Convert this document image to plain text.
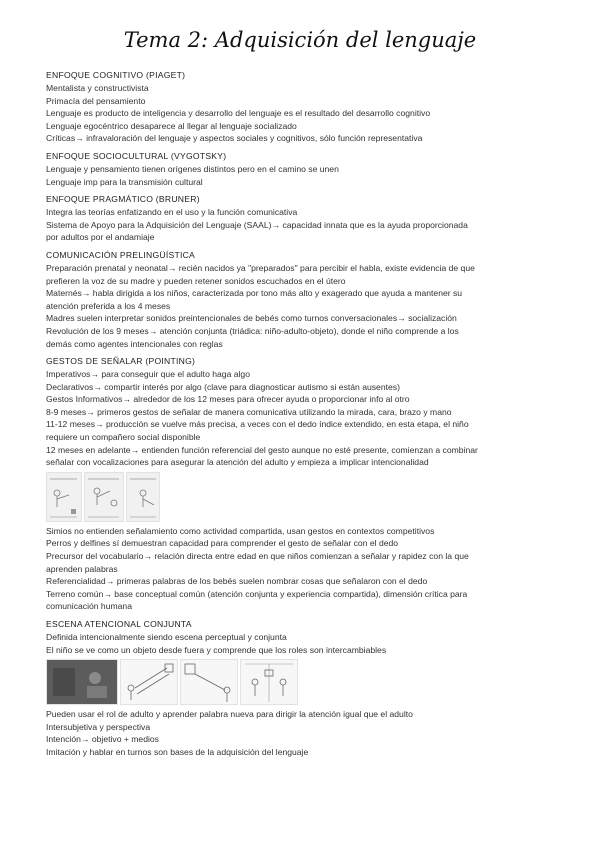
Tema 2: Adquisición del lenguaje
ENFOQUE COGNITIVO (PIAGET)
Mentalista y constructivista
Primacía del pensamiento
Lenguaje es producto de inteligencia y desarrollo del lenguaje es el resultado del desarrollo cognitivo
Lenguaje egocéntrico desaparece al llegar al lenguaje socializado
Críticas→ infravaloración del lenguaje y aspectos sociales y cognitivos, sólo función representativa
ENFOQUE SOCIOCULTURAL (VYGOTSKY)
Lenguaje y pensamiento tienen orígenes distintos pero en el camino se unen
Lenguaje imp para la transmisión cultural
ENFOQUE PRAGMÁTICO (BRUNER)
Integra las teorías enfatizando en el uso y la función comunicativa
Sistema de Apoyo para la Adquisición del Lenguaje (SAAL)→ capacidad innata que es la ayuda proporcionada
por adultos por el andamiaje
COMUNICACIÓN PRELINGÜÍSTICA
Preparación prenatal y neonatal→ recién nacidos ya "preparados" para percibir el habla, existe evidencia de que
prefieren la voz de su madre y pueden retener sonidos escuchados en el útero
Maternés→ habla dirigida a los niños, caracterizada por tono más alto y exagerado que ayuda a mantener su
atención preferida a los 4 meses
Madres suelen interpretar sonidos preintencionales de bebés como turnos conversacionales→ socialización
Revolución de los 9 meses→ atención conjunta (triádica: niño-adulto-objeto), donde el niño comprende a los
demás como agentes intencionales con reglas
GESTOS DE SEÑALAR (POINTING)
Imperativos→ para conseguir que el adulto haga algo
Declarativos→ compartir interés por algo (clave para diagnosticar autismo si están ausentes)
Gestos Informativos→ alrededor de los 12 meses para ofrecer ayuda o proporcionar info al otro
8-9 meses→ primeros gestos de señalar de manera comunicativa utilizando la mirada, cara, brazo y mano
11-12 meses→ producción se vuelve más precisa, a veces con el dedo índice extendido, en esta etapa, el niño
requiere un compañero social disponible
12 meses en adelante→ entienden función referencial del gesto aunque no esté presente, comienzan a combinar
señalar con vocalizaciones para asegurar la atención del adulto y empieza a implicar intencionalidad
Simios no entienden señalamiento como actividad compartida, usan gestos en contextos competitivos
Perros y delfines sí demuestran capacidad para comprender el gesto de señalar con el dedo
Precursor del vocabulario→ relación directa entre edad en que niños comienzan a señalar y rapidez con la que
aprenden palabras
Referencialidad→ primeras palabras de los bebés suelen nombrar cosas que señalaron con el dedo
Terreno común→ base conceptual común (atención conjunta y experiencia compartida), dimensión crítica para
comunicación humana
ESCENA ATENCIONAL CONJUNTA
Definida intencionalmente siendo escena perceptual y conjunta
El niño se ve como un objeto desde fuera y comprende que los roles son intercambiables
Pueden usar el rol de adulto y aprender palabra nueva para dirigir la atención igual que el adulto
Intersubjetiva y perspectiva
Intención→ objetivo + medios
Imitación y hablar en turnos son bases de la adquisición del lenguaje
